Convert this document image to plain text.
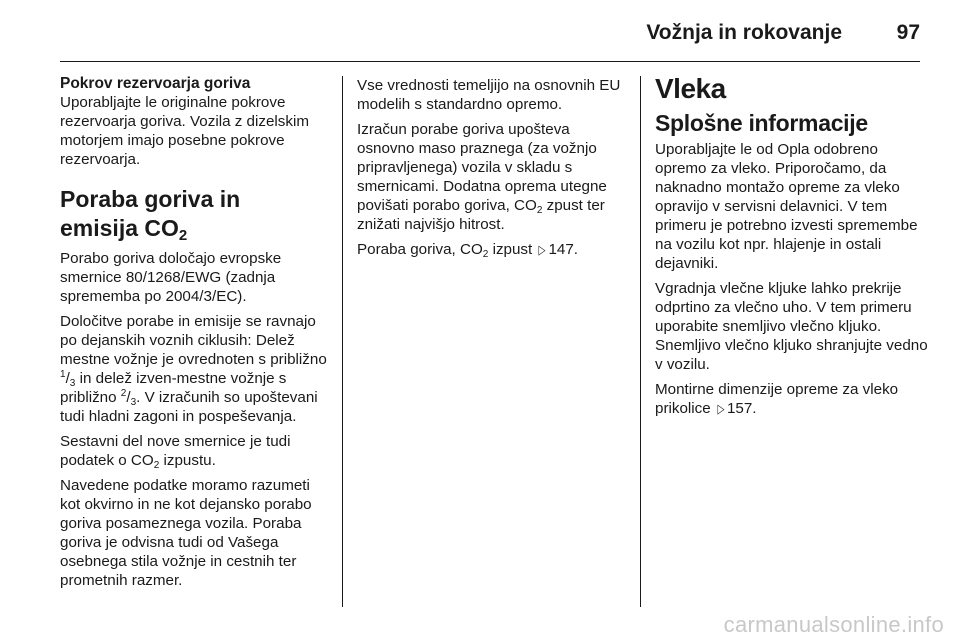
Vožnja in rokovanje	97
Pokrov rezervoarja goriva

Uporabljajte le originalne pokrove rezervoarja goriva. Vozila z dizelskim motorjem imajo posebne pokrove rezervoarja.

Poraba goriva in
emisija $CO_2$

Porabo goriva določajo evropske smernice 80/1268/EWG (zadnja sprememba po 2004/3/EC).

Določitve porabe in emisije se ravnajo po dejanskih voznih ciklusih: Delež mestne vožnje je ovrednoten s približno $^1/_3$ in delež izven-mestne vožnje s približno $^2/_3$. V izračunih so upoštevani tudi hladni zagoni in pospeševanja.

Sestavni del nove smernice je tudi podatek o $CO_2$ izpustu.

Navedene podatke moramo razumeti kot okvirno in ne kot dejansko porabo goriva posameznega vozila. Poraba goriva je odvisna tudi od Vašega osebnega stila vožnje in cestnih ter prometnih razmer.

Vse vrednosti temeljijo na osnovnih EU modelih s standardno opremo.

Izračun porabe goriva upošteva osnovno maso praznega (za vožnjo pripravljenega) vozila v skladu s smernicami. Dodatna oprema utegne povišati porabo goriva, $CO_2$ zpust ter znižati najvišjo hitrost.

Poraba goriva, $CO_2$ izpust ▷ 147.

Vleka
Splošne informacije

Uporabljajte le od Opla odobreno opremo za vleko. Priporočamo, da naknadno montažo opreme za vleko opravijo v servisni delavnici. V tem primeru je potrebno izvesti spremembe na vozilu kot npr. hlajenje in ostali dejavniki.

Vgradnja vlečne kljuke lahko prekrije odprtino za vlečno uho. V tem primeru uporabite snemljivo vlečno kljuko. Snemljivo vlečno kljuko shranjujte vedno v vozilu.

Montirne dimenzije opreme za vleko prikolice ▷ 157.

carmanualsonline.info
